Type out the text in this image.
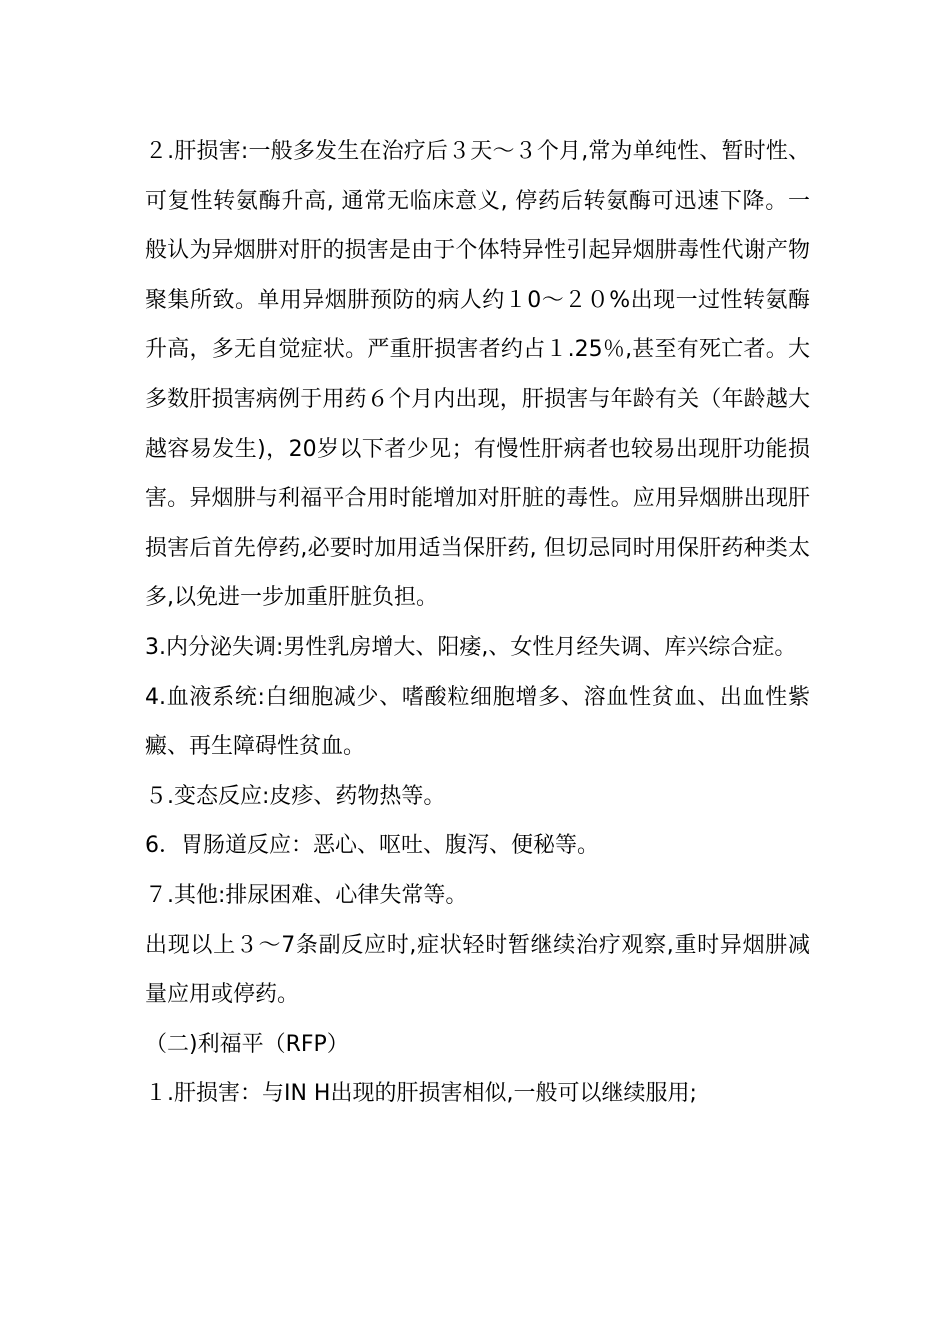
２.肝损害:一般多发生在治疗后３天～３个月,常为单纯性、暂时性、可复性转氨酶升高, 通常无临床意义, 停药后转氨酶可迅速下降。一般认为异烟肼对肝的损害是由于个体特异性引起异烟肼毒性代谢产物聚集所致。单用异烟肼预防的病人约１0～２０%出现一过性转氨酶升高，多无自觉症状。严重肝损害者约占１.25％,甚至有死亡者。大多数肝损害病例于用药６个月内出现，肝损害与年龄有关（年龄越大越容易发生)，20岁以下者少见；有慢性肝病者也较易出现肝功能损害。异烟肼与利福平合用时能增加对肝脏的毒性。应用异烟肼出现肝损害后首先停药,必要时加用适当保肝药, 但切忌同时用保肝药种类太多,以免进一步加重肝脏负担。

3.内分泌失调:男性乳房增大、阳痿,、女性月经失调、库兴综合症。

4.血液系统:白细胞减少、嗜酸粒细胞增多、溶血性贫血、出血性紫癜、再生障碍性贫血。

５.变态反应:皮疹、药物热等。

6．胃肠道反应：恶心、呕吐、腹泻、便秘等。

７.其他:排尿困难、心律失常等。

出现以上３～7条副反应时,症状轻时暂继续治疗观察,重时异烟肼减量应用或停药。

（二)利福平（RFP）

１.肝损害：与IN H出现的肝损害相似,一般可以继续服用;
